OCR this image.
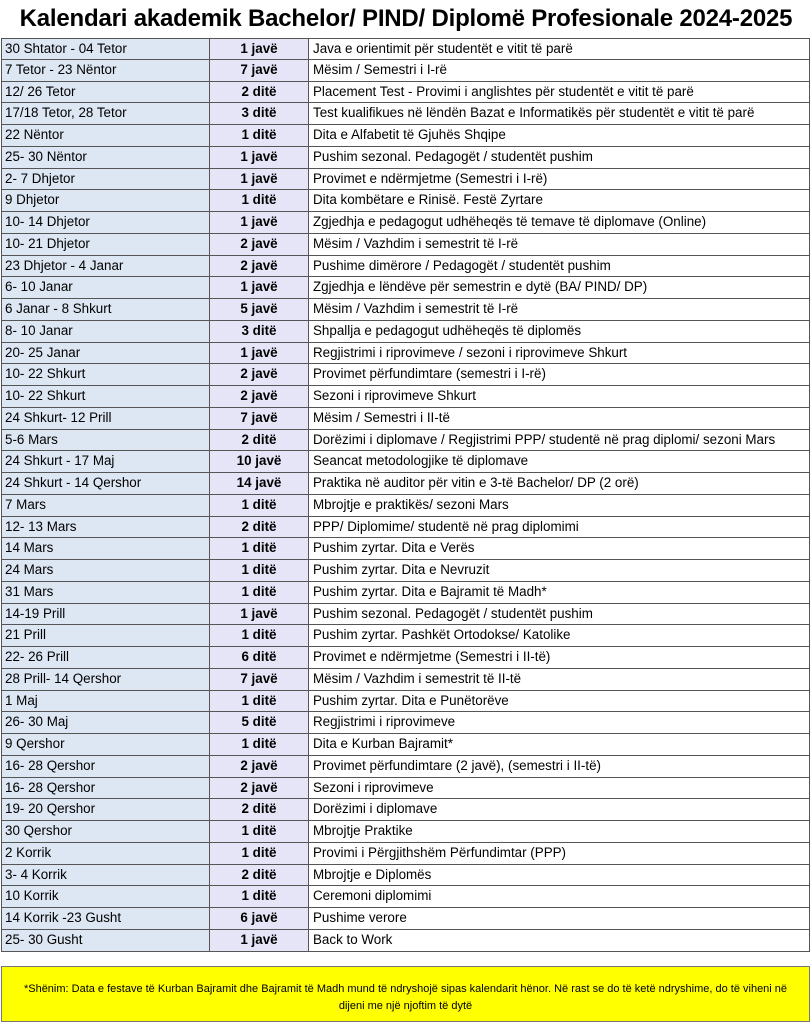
Kalendari akademik Bachelor/ PIND/ Diplomë Profesionale 2024-2025
30 Shtator - 04 Tetor	1 javë	Java e orientimit për studentët e vitit të parë
7 Tetor - 23 Nëntor	7 javë	Mësim / Semestri i I-rë
12/ 26 Tetor	2 ditë	Placement Test - Provimi i anglishtes për studentët e vitit të parë
17/18 Tetor, 28 Tetor	3 ditë	Test kualifikues në lëndën Bazat e Informatikës për studentët e vitit të parë
22 Nëntor	1 ditë	Dita e Alfabetit të Gjuhës Shqipe
25- 30 Nëntor	1 javë	Pushim sezonal. Pedagogët / studentët pushim
2- 7 Dhjetor	1 javë	Provimet e ndërmjetme (Semestri i I-rë)
9 Dhjetor	1 ditë	Dita kombëtare e Rinisë. Festë Zyrtare
10- 14 Dhjetor	1 javë	Zgjedhja e pedagogut udhëheqës të temave të diplomave (Online)
10- 21 Dhjetor	2 javë	Mësim / Vazhdim i semestrit të I-rë
23 Dhjetor - 4 Janar	2 javë	Pushime dimërore / Pedagogët / studentët pushim
6- 10 Janar	1 javë	Zgjedhja e lëndëve për semestrin e dytë (BA/ PIND/ DP)
6 Janar - 8 Shkurt	5 javë	Mësim / Vazhdim i semestrit të I-rë
8- 10 Janar	3 ditë	Shpallja e pedagogut udhëheqës të diplomës
20- 25 Janar	1 javë	Regjistrimi i riprovimeve / sezoni i riprovimeve Shkurt
10- 22 Shkurt	2 javë	Provimet përfundimtare (semestri i I-rë)
10- 22 Shkurt	2 javë	Sezoni i riprovimeve Shkurt
24 Shkurt- 12 Prill	7 javë	Mësim / Semestri i II-të
5-6 Mars	2 ditë	Dorëzimi i diplomave / Regjistrimi PPP/ studentë në prag diplomi/ sezoni Mars
24 Shkurt - 17 Maj	10 javë	Seancat metodologjike të diplomave
24 Shkurt - 14 Qershor	14 javë	Praktika në auditor për vitin e 3-të Bachelor/ DP (2 orë)
7 Mars	1 ditë	Mbrojtje e praktikës/ sezoni Mars
12- 13 Mars	2 ditë	PPP/ Diplomime/ studentë në prag diplomimi
14 Mars	1 ditë	Pushim zyrtar. Dita e Verës
24 Mars	1 ditë	Pushim zyrtar. Dita e Nevruzit
31 Mars	1 ditë	Pushim zyrtar. Dita e Bajramit të Madh*
14-19 Prill	1 javë	Pushim sezonal. Pedagogët / studentët pushim
21 Prill	1 ditë	Pushim zyrtar. Pashkët Ortodokse/ Katolike
22- 26 Prill	6 ditë	Provimet e ndërmjetme (Semestri i II-të)
28 Prill- 14 Qershor	7 javë	Mësim / Vazhdim i semestrit të II-të
1 Maj	1 ditë	Pushim zyrtar. Dita e Punëtorëve
26- 30 Maj	5 ditë	Regjistrimi i riprovimeve
9 Qershor	1 ditë	Dita e Kurban Bajramit*
16- 28 Qershor	2 javë	Provimet përfundimtare (2 javë), (semestri i II-të)
16- 28 Qershor	2 javë	Sezoni i riprovimeve
19- 20 Qershor	2 ditë	Dorëzimi i diplomave
30 Qershor	1 ditë	Mbrojtje Praktike
2 Korrik	1 ditë	Provimi i Përgjithshëm Përfundimtar (PPP)
3- 4 Korrik	2 ditë	Mbrojtje e Diplomës
10 Korrik	1 ditë	Ceremoni diplomimi
14 Korrik -23 Gusht	6 javë	Pushime verore
25- 30 Gusht	1 javë	Back to Work
*Shënim: Data e festave të Kurban Bajramit dhe Bajramit të Madh mund të ndryshojë sipas kalendarit hënor. Në rast se do të ketë ndryshime, do të viheni në dijeni me një njoftim të dytë
